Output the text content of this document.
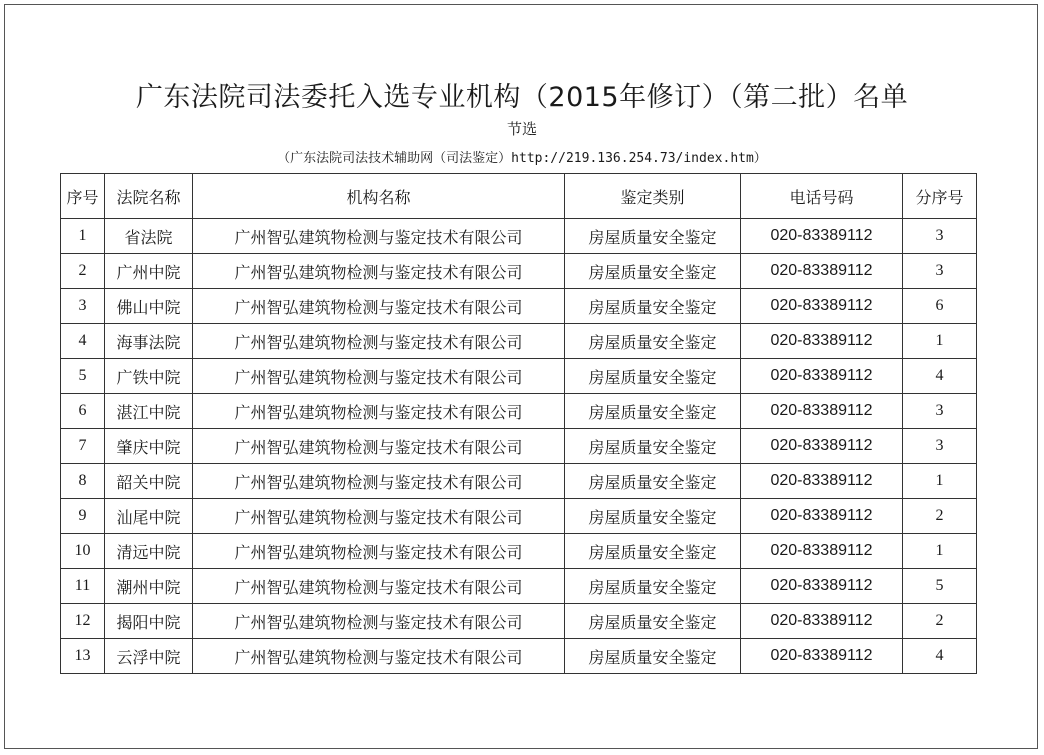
广东法院司法委托入选专业机构（2015年修订）（第二批）名单
节选
（广东法院司法技术辅助网（司法鉴定）http://219.136.254.73/index.htm）
序号	法院名称	机构名称	鉴定类别	电话号码	分序号
1	省法院	广州智弘建筑物检测与鉴定技术有限公司	房屋质量安全鉴定	020-83389112	3
2	广州中院	广州智弘建筑物检测与鉴定技术有限公司	房屋质量安全鉴定	020-83389112	3
3	佛山中院	广州智弘建筑物检测与鉴定技术有限公司	房屋质量安全鉴定	020-83389112	6
4	海事法院	广州智弘建筑物检测与鉴定技术有限公司	房屋质量安全鉴定	020-83389112	1
5	广铁中院	广州智弘建筑物检测与鉴定技术有限公司	房屋质量安全鉴定	020-83389112	4
6	湛江中院	广州智弘建筑物检测与鉴定技术有限公司	房屋质量安全鉴定	020-83389112	3
7	肇庆中院	广州智弘建筑物检测与鉴定技术有限公司	房屋质量安全鉴定	020-83389112	3
8	韶关中院	广州智弘建筑物检测与鉴定技术有限公司	房屋质量安全鉴定	020-83389112	1
9	汕尾中院	广州智弘建筑物检测与鉴定技术有限公司	房屋质量安全鉴定	020-83389112	2
10	清远中院	广州智弘建筑物检测与鉴定技术有限公司	房屋质量安全鉴定	020-83389112	1
11	潮州中院	广州智弘建筑物检测与鉴定技术有限公司	房屋质量安全鉴定	020-83389112	5
12	揭阳中院	广州智弘建筑物检测与鉴定技术有限公司	房屋质量安全鉴定	020-83389112	2
13	云浮中院	广州智弘建筑物检测与鉴定技术有限公司	房屋质量安全鉴定	020-83389112	4
